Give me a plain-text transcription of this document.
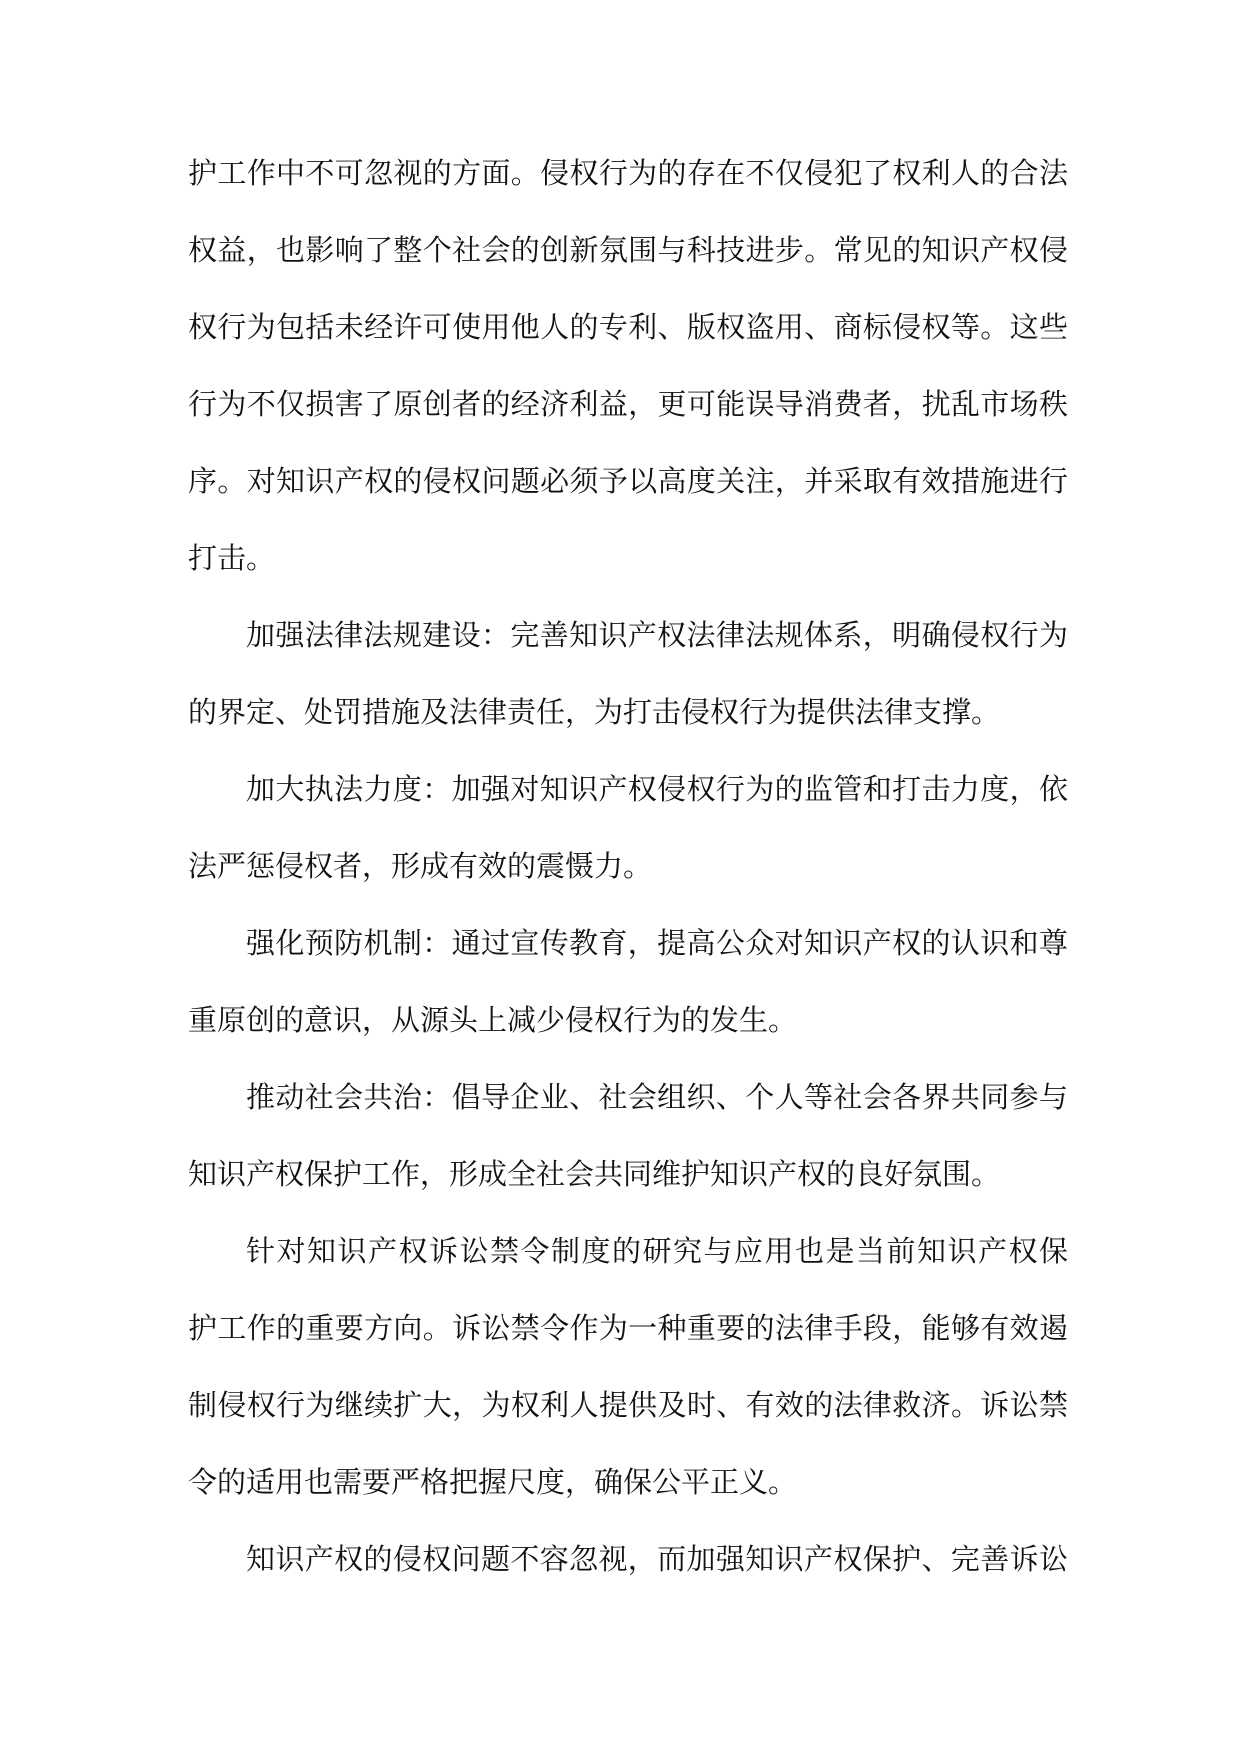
护工作中不可忽视的方面。侵权行为的存在不仅侵犯了权利人的合法
权益，也影响了整个社会的创新氛围与科技进步。常见的知识产权侵
权行为包括未经许可使用他人的专利、版权盗用、商标侵权等。这些
行为不仅损害了原创者的经济利益，更可能误导消费者，扰乱市场秩
序。对知识产权的侵权问题必须予以高度关注，并采取有效措施进行
打击。
加强法律法规建设：完善知识产权法律法规体系，明确侵权行为
的界定、处罚措施及法律责任，为打击侵权行为提供法律支撑。
加大执法力度：加强对知识产权侵权行为的监管和打击力度，依
法严惩侵权者，形成有效的震慑力。
强化预防机制：通过宣传教育，提高公众对知识产权的认识和尊
重原创的意识，从源头上减少侵权行为的发生。
推动社会共治：倡导企业、社会组织、个人等社会各界共同参与
知识产权保护工作，形成全社会共同维护知识产权的良好氛围。
针对知识产权诉讼禁令制度的研究与应用也是当前知识产权保
护工作的重要方向。诉讼禁令作为一种重要的法律手段，能够有效遏
制侵权行为继续扩大，为权利人提供及时、有效的法律救济。诉讼禁
令的适用也需要严格把握尺度，确保公平正义。
知识产权的侵权问题不容忽视，而加强知识产权保护、完善诉讼
